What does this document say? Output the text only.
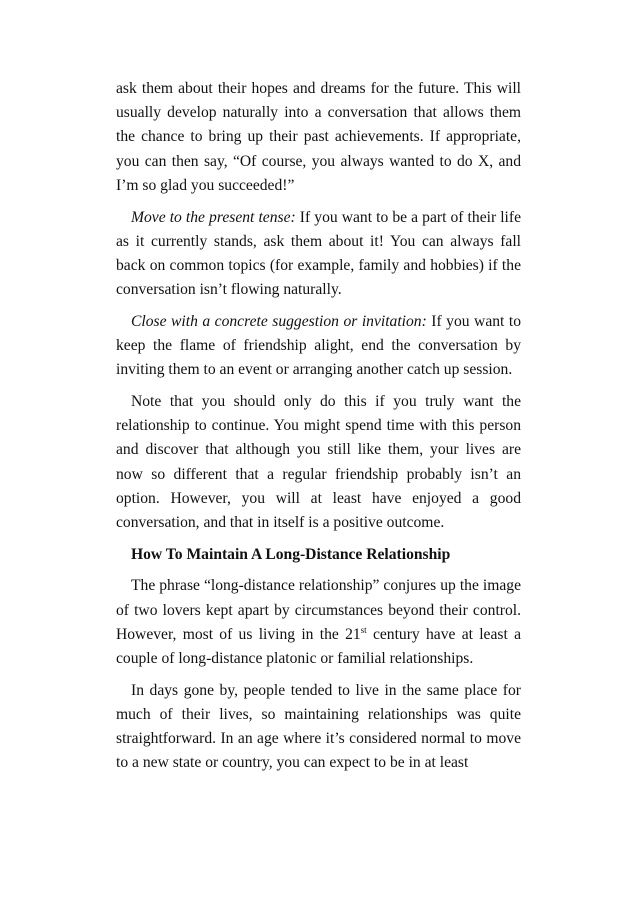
ask them about their hopes and dreams for the future. This will usually develop naturally into a conversation that allows them the chance to bring up their past achievements. If appropriate, you can then say, “Of course, you always wanted to do X, and I’m so glad you succeeded!”

Move to the present tense: If you want to be a part of their life as it currently stands, ask them about it! You can always fall back on common topics (for example, family and hobbies) if the conversation isn’t flowing naturally.

Close with a concrete suggestion or invitation: If you want to keep the flame of friendship alight, end the conversation by inviting them to an event or arranging another catch up session.

Note that you should only do this if you truly want the relationship to continue. You might spend time with this person and discover that although you still like them, your lives are now so different that a regular friendship probably isn’t an option. However, you will at least have enjoyed a good conversation, and that in itself is a positive outcome.

How To Maintain A Long-Distance Relationship

The phrase “long-distance relationship” conjures up the image of two lovers kept apart by circumstances beyond their control. However, most of us living in the 21st century have at least a couple of long-distance platonic or familial relationships.

In days gone by, people tended to live in the same place for much of their lives, so maintaining relationships was quite straightforward. In an age where it’s considered normal to move to a new state or country, you can expect to be in at least
